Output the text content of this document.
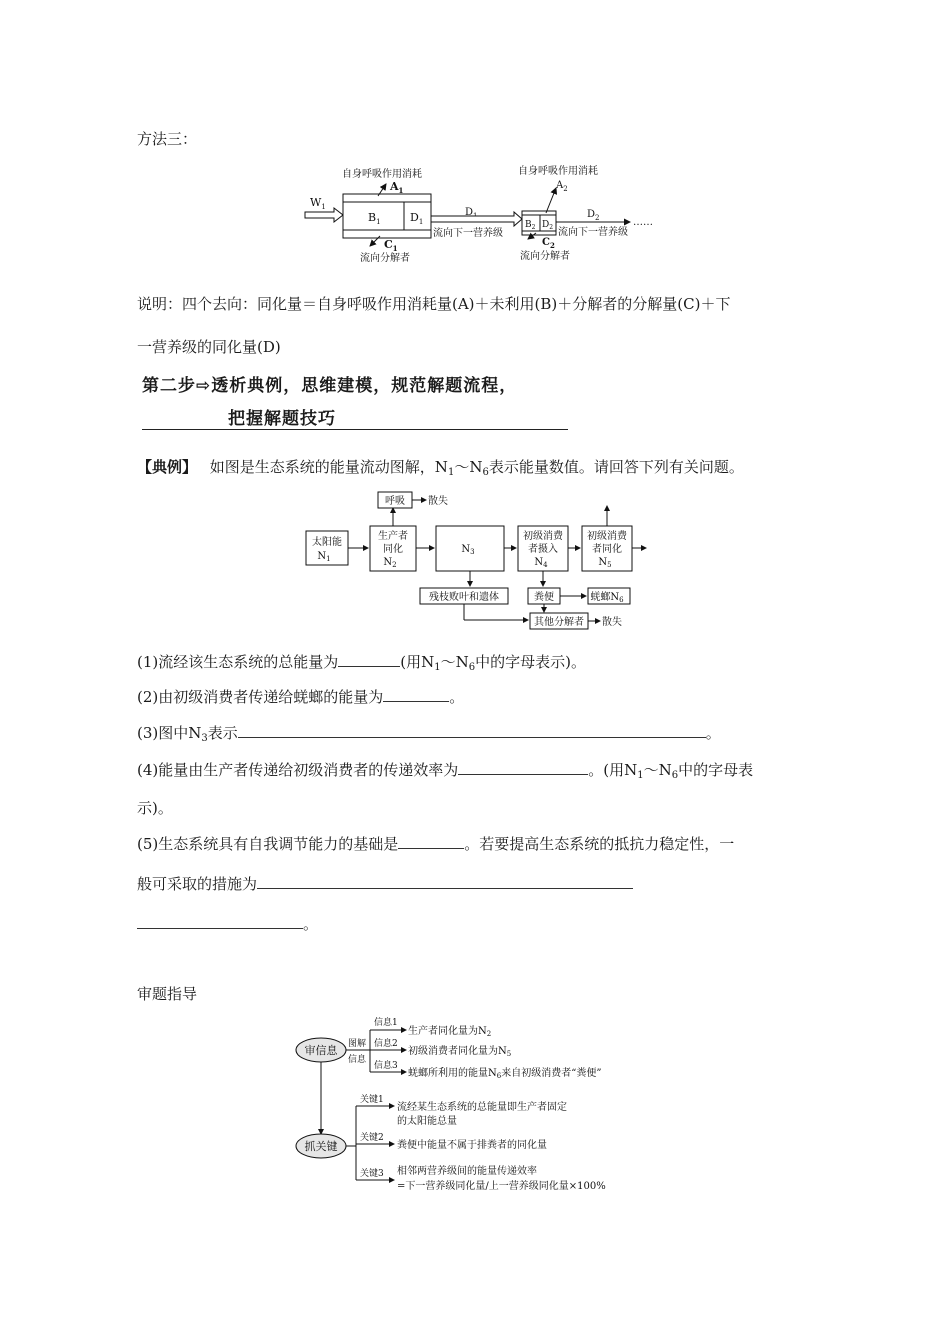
方法三：
$W_1$
$B_1$	$D_1$
自身呼吸作用消耗
$A_1$
$C_1$
流向分解者
D
流向下一营养级
$B_2$ $D_2$
自身呼吸作用消耗
$A_2$
$C_2$
流向分解者
$D_2$	……
流向下一营养级
说明：四个去向：同化量＝自身呼吸作用消耗量(A)＋未利用(B)＋分解者的分解量(C)＋下
一营养级的同化量(D)
第二步⇨透析典例，思维建模，规范解题流程，
把握解题技巧
【典例】 如图是生态系统的能量流动图解，$N_1\sim N_6$表示能量数值。请回答下列有关问题。
太阳能
$N_1$
生产者
同化
$N_2$
呼吸 散失
$N_3$
初级消费
者摄入
$N_4$
初级消费
者同化
$N_5$
残枝败叶和遗体	粪便	蜣螂$N_6$
其他分解者 散失
(1)流经该生态系统的总能量为	(用$N_1\sim N_6$中的字母表示)。
(2)由初级消费者传递给蜣螂的能量为	。
(3)图中$N_3$表示	。
(4)能量由生产者传递给初级消费者的传递效率为	。(用$N_1\sim N_6$中的字母表
示)。
(5)生态系统具有自我调节能力的基础是	。若要提高生态系统的抵抗力稳定性，一
般可采取的措施为
。
审题指导
审信息 图解
信息
信息1
信息2
信息3
生产者同化量为$N_2$
初级消费者同化量为$N_5$
蜣螂所利用的能量$N_6$来自初级消费者“粪便”
抓关键
关键1
关键2
关键3
流经某生态系统的总能量即生产者固定
的太阳能总量
粪便中能量不属于排粪者的同化量
相邻两营养级间的能量传递效率
=下一营养级同化量/上一营养级同化量×100%
